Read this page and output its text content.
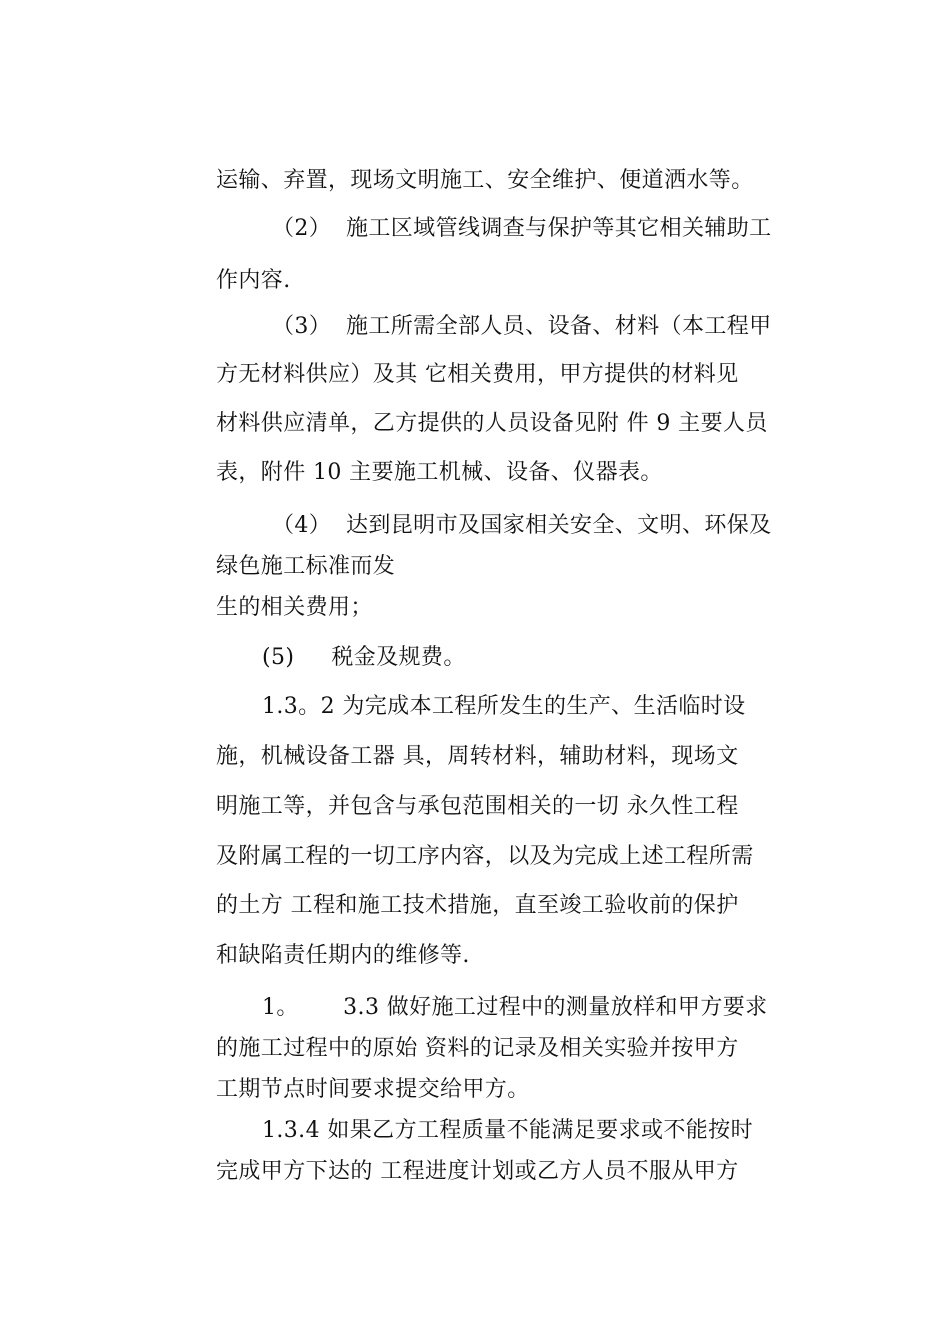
运输、弃置，现场文明施工、安全维护、便道洒水等。

（2）  施工区域管线调查与保护等其它相关辅助工

作内容.

（3）  施工所需全部人员、设备、材料（本工程甲

方无材料供应）及其 它相关费用，甲方提供的材料见

材料供应清单，乙方提供的人员设备见附 件 9 主要人员

表，附件 10 主要施工机械、设备、仪器表。

（4）  达到昆明市及国家相关安全、文明、环保及

绿色施工标准而发

生的相关费用；

(5)     税金及规费。

1.3。2 为完成本工程所发生的生产、生活临时设

施，机械设备工器 具，周转材料，辅助材料，现场文

明施工等，并包含与承包范围相关的一切 永久性工程

及附属工程的一切工序内容，以及为完成上述工程所需

的土方 工程和施工技术措施，直至竣工验收前的保护

和缺陷责任期内的维修等.

1。      3.3 做好施工过程中的测量放样和甲方要求

的施工过程中的原始 资料的记录及相关实验并按甲方

工期节点时间要求提交给甲方。

1.3.4 如果乙方工程质量不能满足要求或不能按时

完成甲方下达的 工程进度计划或乙方人员不服从甲方
